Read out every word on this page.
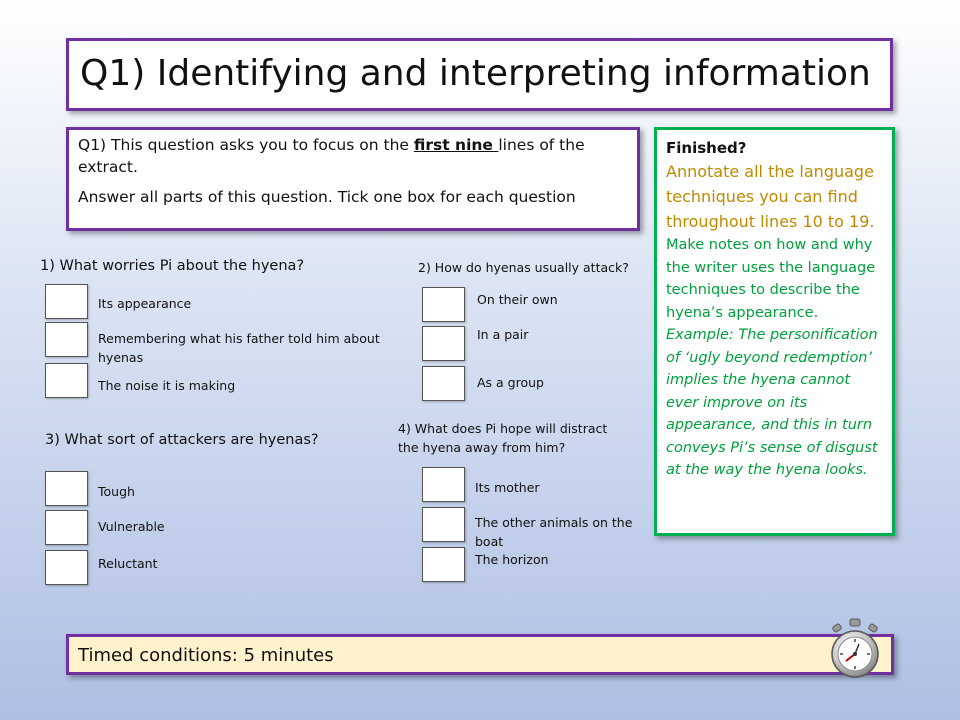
Q1) Identifying and interpreting information

Q1) This question asks you to focus on the first nine lines of the extract.

Answer all parts of this question. Tick one box for each question

1) What worries Pi about the hyena?
Its appearance
Remembering what his father told him about hyenas
The noise it is making
2) How do hyenas usually attack?
On their own
In a pair
As a group
3) What sort of attackers are hyenas?
Tough
Vulnerable
Reluctant
4) What does Pi hope will distract the hyena away from him?
Its mother
The other animals on the boat
The horizon
Finished?
Annotate all the language techniques you can find throughout lines 10 to 19.
Make notes on how and why the writer uses the language techniques to describe the hyena’s appearance.
Example: The personification of ‘ugly beyond redemption’ implies the hyena cannot ever improve on its appearance, and this in turn conveys Pi’s sense of disgust at the way the hyena looks.
Timed conditions: 5 minutes
